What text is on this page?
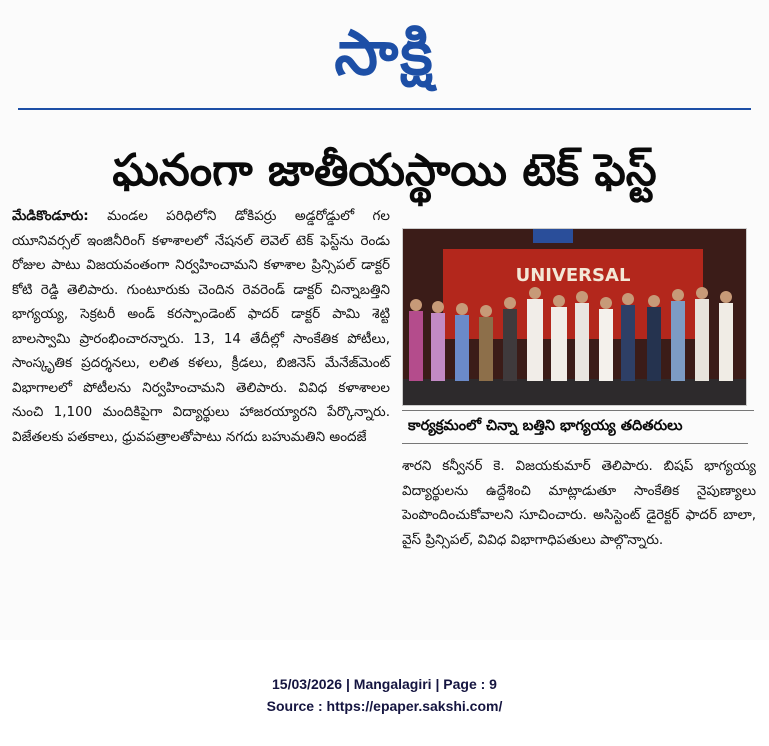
సాక్షి
ఘనంగా జాతీయస్థాయి టెక్ ఫెస్ట్

మేడికొండూరు: మండల పరిధిలోని డోకిపర్రు అడ్డరోడ్డులో గల యూనివర్సల్ ఇంజినీరింగ్ కళాశాలలో నేషనల్ లెవెల్ టెక్ ఫెస్ట్‌ను రెండు రోజుల పాటు విజయవంతంగా నిర్వహించామని కళాశాల ప్రిన్సిపల్ డాక్టర్ కోటి రెడ్డి తెలిపారు. గుంటూరుకు చెందిన రెవరెండ్ డాక్టర్ చిన్నాబత్తిని భాగ్యయ్య, సెక్రటరీ అండ్ కరస్పాండెంట్ ఫాదర్ డాక్టర్ పామి శెట్టి బాలస్వామి ప్రారంభించారన్నారు. 13, 14 తేదీల్లో సాంకేతిక పోటీలు, సాంస్కృతిక ప్రదర్శనలు, లలిత కళలు, క్రీడలు, బిజినెస్ మేనేజ్‌మెంట్ విభాగాలలో పోటీలను నిర్వహించామని తెలిపారు. వివిధ కళాశాలల నుంచి 1,100 మందికిపైగా విద్యార్థులు హాజరయ్యారని పేర్కొన్నారు. విజేతలకు పతకాలు, ధ్రువపత్రాలతోపాటు నగదు బహుమతిని అందజే

UNIVERSAL
కార్యక్రమంలో చిన్నా బత్తిని భాగ్యయ్య తదితరులు

శారని కన్వీనర్ కె. విజయకుమార్ తెలిపారు. బిషప్ భాగ్యయ్య విద్యార్థులను ఉద్దేశించి మాట్లాడుతూ సాంకేతిక నైపుణ్యాలు పెంపొందించుకోవాలని సూచించారు. అసిస్టెంట్ డైరెక్టర్ ఫాదర్ బాలా, వైస్ ప్రిన్సిపల్, వివిధ విభాగాధిపతులు పాల్గొన్నారు.

15/03/2026 | Mangalagiri | Page : 9
Source : https://epaper.sakshi.com/
